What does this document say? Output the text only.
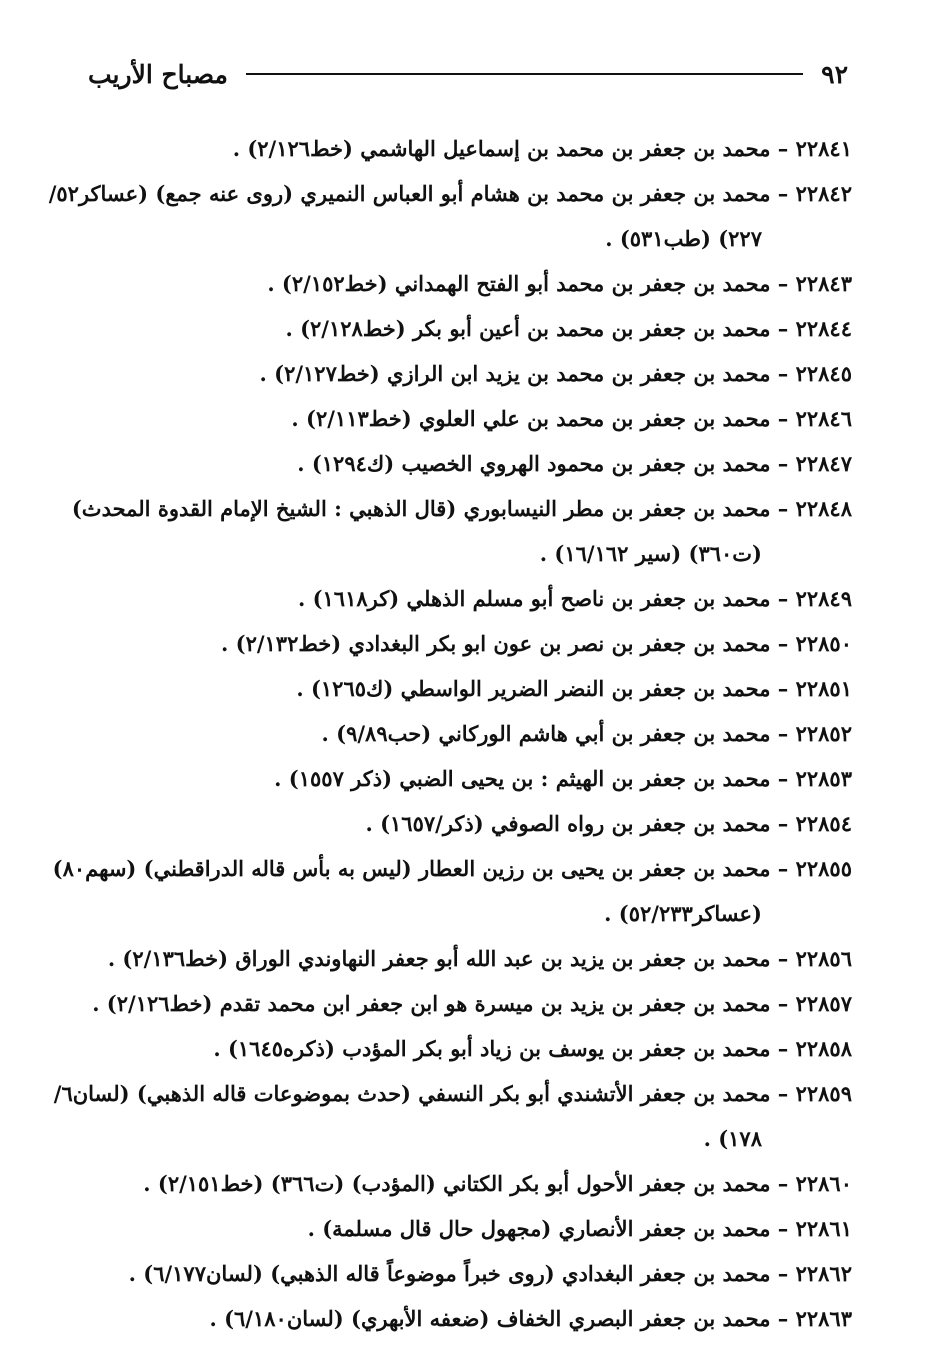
٩٢
مصباح الأريب
٢٢٨٤١ – محمد بن جعفر بن محمد بن إسماعيل الهاشمي (خط٢/١٢٦) .
٢٢٨٤٢ – محمد بن جعفر بن محمد بن هشام أبو العباس النميري (روى عنه جمع) (عساكر٥٢/
٢٢٧) (طب٥٣١) .
٢٢٨٤٣ – محمد بن جعفر بن محمد أبو الفتح الهمداني (خط٢/١٥٢) .
٢٢٨٤٤ – محمد بن جعفر بن محمد بن أعين أبو بكر (خط٢/١٢٨) .
٢٢٨٤٥ – محمد بن جعفر بن محمد بن يزيد ابن الرازي (خط٢/١٢٧) .
٢٢٨٤٦ – محمد بن جعفر بن محمد بن علي العلوي (خط٢/١١٣) .
٢٢٨٤٧ – محمد بن جعفر بن محمود الهروي الخصيب (ك١٢٩٤) .
٢٢٨٤٨ – محمد بن جعفر بن مطر النيسابوري (قال الذهبي : الشيخ الإمام القدوة المحدث)
(ت٣٦٠) (سير ١٦/١٦٢) .
٢٢٨٤٩ – محمد بن جعفر بن ناصح أبو مسلم الذهلي (كر١٦١٨) .
٢٢٨٥٠ – محمد بن جعفر بن نصر بن عون ابو بكر البغدادي (خط٢/١٣٢) .
٢٢٨٥١ – محمد بن جعفر بن النضر الضرير الواسطي (ك١٢٦٥) .
٢٢٨٥٢ – محمد بن جعفر بن أبي هاشم الوركاني (حب٩/٨٩) .
٢٢٨٥٣ – محمد بن جعفر بن الهيثم : بن يحيى الضبي (ذكر ١٥٥٧) .
٢٢٨٥٤ – محمد بن جعفر بن رواه الصوفي (ذكر/١٦٥٧) .
٢٢٨٥٥ – محمد بن جعفر بن يحيى بن رزين العطار (ليس به بأس قاله الدراقطني) (سهم٨٠)
(عساكر٥٢/٢٣٣) .
٢٢٨٥٦ – محمد بن جعفر بن يزيد بن عبد الله أبو جعفر النهاوندي الوراق (خط٢/١٣٦) .
٢٢٨٥٧ – محمد بن جعفر بن يزيد بن ميسرة هو ابن جعفر ابن محمد تقدم (خط٢/١٢٦) .
٢٢٨٥٨ – محمد بن جعفر بن يوسف بن زياد أبو بكر المؤدب (ذكره١٦٤٥) .
٢٢٨٥٩ – محمد بن جعفر الأتشندي أبو بكر النسفي (حدث بموضوعات قاله الذهبي) (لسان٦/
١٧٨) .
٢٢٨٦٠ – محمد بن جعفر الأحول أبو بكر الكتاني (المؤدب) (ت٣٦٦) (خط٢/١٥١) .
٢٢٨٦١ – محمد بن جعفر الأنصاري (مجهول حال قال مسلمة) .
٢٢٨٦٢ – محمد بن جعفر البغدادي (روى خبراً موضوعاً قاله الذهبي) (لسان٦/١٧٧) .
٢٢٨٦٣ – محمد بن جعفر البصري الخفاف (ضعفه الأبهري) (لسان٦/١٨٠) .
